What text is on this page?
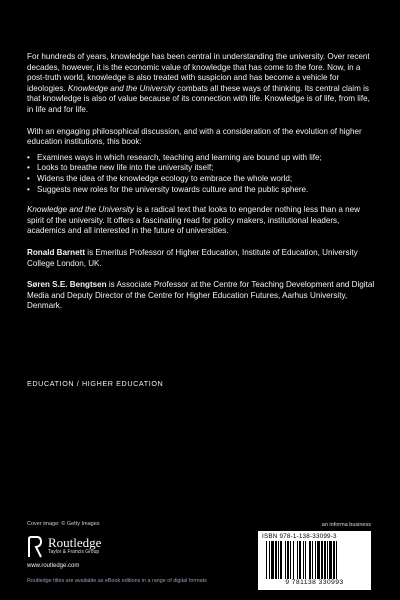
For hundreds of years, knowledge has been central in understanding the university. Over recent decades, however, it is the economic value of knowledge that has come to the fore. Now, in a post-truth world, knowledge is also treated with suspicion and has become a vehicle for ideologies. Knowledge and the University combats all these ways of thinking. Its central claim is that knowledge is also of value because of its connection with life. Knowledge is of life, from life, in life and for life.

With an engaging philosophical discussion, and with a consideration of the evolution of higher education institutions, this book:

• Examines ways in which research, teaching and learning are bound up with life;
• Looks to breathe new life into the university itself;
• Widens the idea of the knowledge ecology to embrace the whole world;
• Suggests new roles for the university towards culture and the public sphere.

Knowledge and the University is a radical text that looks to engender nothing less than a new spirit of the university. It offers a fascinating read for policy makers, institutional leaders, academics and all interested in the future of universities.

Ronald Barnett is Emeritus Professor of Higher Education, Institute of Education, University College London, UK.

Søren S.E. Bengtsen is Associate Professor at the Centre for Teaching Development and Digital Media and Deputy Director of the Centre for Higher Education Futures, Aarhus University, Denmark.

EDUCATION / HIGHER EDUCATION
Cover image: © Getty Images
Routledge
Taylor & Francis Group
www.routledge.com
Routledge titles are available as eBook editions in a range of digital formats
an informa business
ISBN 978-1-138-33099-3
9 781138 330993
